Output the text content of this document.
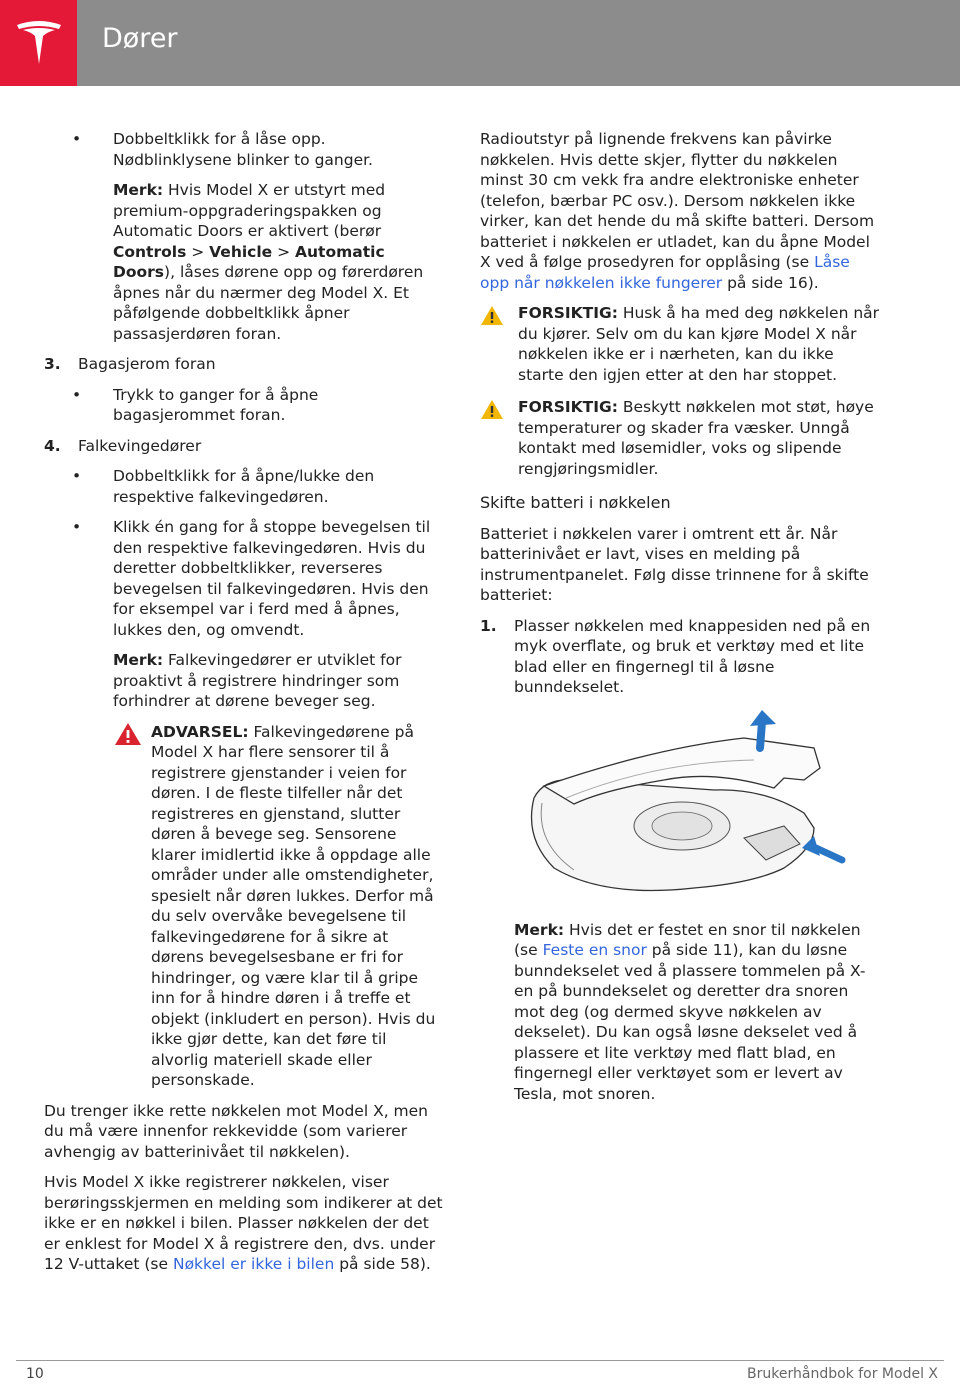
Dører
• Dobbeltklikk for å låse opp. Nødblinklysene blinker to ganger.
Merk: Hvis Model X er utstyrt med premium-oppgraderingspakken og Automatic Doors er aktivert (berør Controls > Vehicle > Automatic Doors), låses dørene opp og førerdøren åpnes når du nærmer deg Model X. Et påfølgende dobbeltklikk åpner passasjerdøren foran.
3. Bagasjerom foran
• Trykk to ganger for å åpne bagasjerommet foran.
4. Falkevingedører
• Dobbeltklikk for å åpne/lukke den respektive falkevingedøren.
• Klikk én gang for å stoppe bevegelsen til den respektive falkevingedøren. Hvis du deretter dobbeltklikker, reverseres bevegelsen til falkevingedøren. Hvis den for eksempel var i ferd med å åpnes, lukkes den, og omvendt.
Merk: Falkevingedører er utviklet for proaktivt å registrere hindringer som forhindrer at dørene beveger seg.
ADVARSEL: Falkevingedørene på Model X har flere sensorer til å registrere gjenstander i veien for døren. I de fleste tilfeller når det registreres en gjenstand, slutter døren å bevege seg. Sensorene klarer imidlertid ikke å oppdage alle områder under alle omstendigheter, spesielt når døren lukkes. Derfor må du selv overvåke bevegelsene til falkevingedørene for å sikre at dørens bevegelsesbane er fri for hindringer, og være klar til å gripe inn for å hindre døren i å treffe et objekt (inkludert en person). Hvis du ikke gjør dette, kan det føre til alvorlig materiell skade eller personskade.

Du trenger ikke rette nøkkelen mot Model X, men du må være innenfor rekkevidde (som varierer avhengig av batterinivået til nøkkelen).

Hvis Model X ikke registrerer nøkkelen, viser berøringsskjermen en melding som indikerer at det ikke er en nøkkel i bilen. Plasser nøkkelen der det er enklest for Model X å registrere den, dvs. under 12 V-uttaket (se Nøkkel er ikke i bilen på side 58).

Radioutstyr på lignende frekvens kan påvirke nøkkelen. Hvis dette skjer, flytter du nøkkelen minst 30 cm vekk fra andre elektroniske enheter (telefon, bærbar PC osv.). Dersom nøkkelen ikke virker, kan det hende du må skifte batteri. Dersom batteriet i nøkkelen er utladet, kan du åpne Model X ved å følge prosedyren for opplåsing (se Låse opp når nøkkelen ikke fungerer på side 16).

FORSIKTIG: Husk å ha med deg nøkkelen når du kjører. Selv om du kan kjøre Model X når nøkkelen ikke er i nærheten, kan du ikke starte den igjen etter at den har stoppet.
FORSIKTIG: Beskytt nøkkelen mot støt, høye temperaturer og skader fra væsker. Unngå kontakt med løsemidler, voks og slipende rengjøringsmidler.
Skifte batteri i nøkkelen

Batteriet i nøkkelen varer i omtrent ett år. Når batterinivået er lavt, vises en melding på instrumentpanelet. Følg disse trinnene for å skifte batteriet:

1. Plasser nøkkelen med knappesiden ned på en myk overflate, og bruk et verktøy med et lite blad eller en fingernegl til å løsne bunndekselet.
Merk: Hvis det er festet en snor til nøkkelen (se Feste en snor på side 11), kan du løsne bunndekselet ved å plassere tommelen på X-en på bunndekselet og deretter dra snoren mot deg (og dermed skyve nøkkelen av dekselet). Du kan også løsne dekselet ved å plassere et lite verktøy med flatt blad, en fingernegl eller verktøyet som er levert av Tesla, mot snoren.
10	Brukerhåndbok for Model X
